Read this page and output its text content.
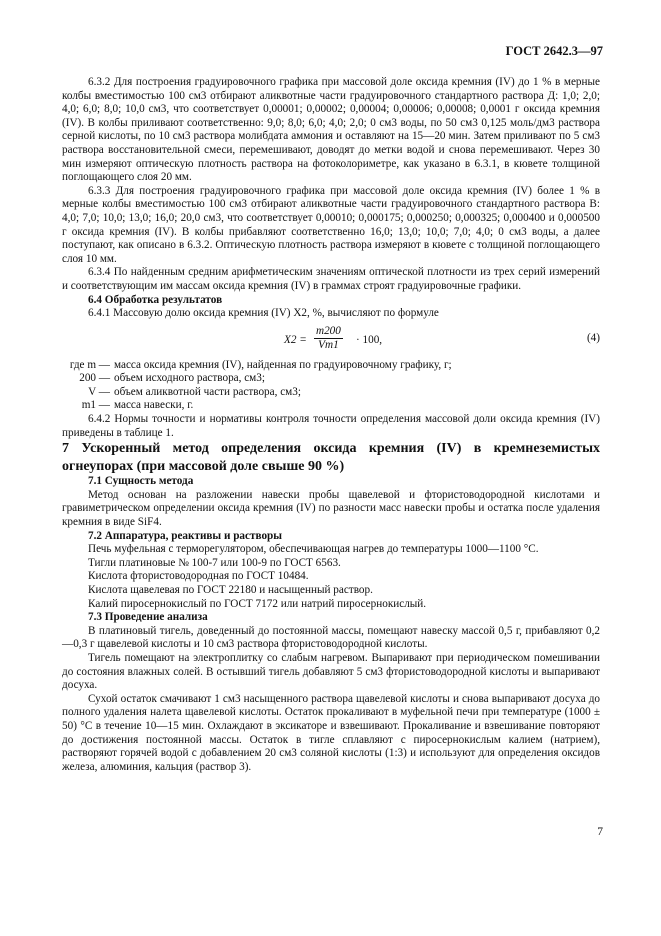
ГОСТ 2642.3—97

6.3.2 Для построения градуировочного графика при массовой доле оксида кремния (IV) до 1 % в мерные колбы вместимостью 100 см3 отбирают аликвотные части градуировочного стандартного раствора Д: 1,0; 2,0; 4,0; 6,0; 8,0; 10,0 см3, что соответствует 0,00001; 0,00002; 0,00004; 0,00006; 0,00008; 0,0001 г оксида кремния (IV). В колбы приливают соответственно: 9,0; 8,0; 6,0; 4,0; 2,0; 0 см3 воды, по 50 см3 0,125 моль/дм3 раствора серной кислоты, по 10 см3 раствора молибдата аммония и оставляют на 15—20 мин. Затем приливают по 5 см3 раствора восстановительной смеси, перемешивают, доводят до метки водой и снова перемешивают. Через 30 мин измеряют оптическую плотность раствора на фотоколориметре, как указано в 6.3.1, в кювете толщиной поглощающего слоя 20 мм.

6.3.3 Для построения градуировочного графика при массовой доле оксида кремния (IV) более 1 % в мерные колбы вместимостью 100 см3 отбирают аликвотные части градуировочного стандартного раствора В: 4,0; 7,0; 10,0; 13,0; 16,0; 20,0 см3, что соответствует 0,00010; 0,000175; 0,000250; 0,000325; 0,000400 и 0,000500 г оксида кремния (IV). В колбы прибавляют соответственно 16,0; 13,0; 10,0; 7,0; 4,0; 0 см3 воды, а далее поступают, как описано в 6.3.2. Оптическую плотность раствора измеряют в кювете с толщиной поглощающего слоя 10 мм.

6.3.4 По найденным средним арифметическим значениям оптической плотности из трех серий измерений и соответствующим им массам оксида кремния (IV) в граммах строят градуировочные графики.

6.4 Обработка результатов

6.4.1 Массовую долю оксида кремния (IV) X2, %, вычисляют по формуле

$X2 = \frac{m200}{Vm1} \cdot 100$,	(4)
где m — масса оксида кремния (IV), найденная по градуировочному графику, г;
200 — объем исходного раствора, см3;
V — объем аликвотной части раствора, см3;
m1 — масса навески, г.

6.4.2 Нормы точности и нормативы контроля точности определения массовой доли оксида кремния (IV) приведены в таблице 1.

7 Ускоренный метод определения оксида кремния (IV) в кремнеземистых огнеупорах (при массовой доле свыше 90 %)

7.1 Сущность метода

Метод основан на разложении навески пробы щавелевой и фтористоводородной кислотами и гравиметрическом определении оксида кремния (IV) по разности масс навески пробы и остатка после удаления кремния в виде SiF4.

7.2 Аппаратура, реактивы и растворы

Печь муфельная с терморегулятором, обеспечивающая нагрев до температуры 1000—1100 °С.

Тигли платиновые № 100-7 или 100-9 по ГОСТ 6563.

Кислота фтористоводородная по ГОСТ 10484.

Кислота щавелевая по ГОСТ 22180 и насыщенный раствор.

Калий пиросернокислый по ГОСТ 7172 или натрий пиросернокислый.

7.3 Проведение анализа

В платиновый тигель, доведенный до постоянной массы, помещают навеску массой 0,5 г, прибавляют 0,2—0,3 г щавелевой кислоты и 10 см3 раствора фтористоводородной кислоты.

Тигель помещают на электроплитку со слабым нагревом. Выпаривают при периодическом помешивании до состояния влажных солей. В остывший тигель добавляют 5 см3 фтористоводородной кислоты и выпаривают досуха.

Сухой остаток смачивают 1 см3 насыщенного раствора щавелевой кислоты и снова выпаривают досуха до полного удаления налета щавелевой кислоты. Остаток прокаливают в муфельной печи при температуре (1000 ± 50) °С в течение 10—15 мин. Охлаждают в эксикаторе и взвешивают. Прокаливание и взвешивание повторяют до достижения постоянной массы. Остаток в тигле сплавляют с пиросернокислым калием (натрием), растворяют горячей водой с добавлением 20 см3 соляной кислоты (1:3) и используют для определения оксидов железа, алюминия, кальция (раствор 3).

7
